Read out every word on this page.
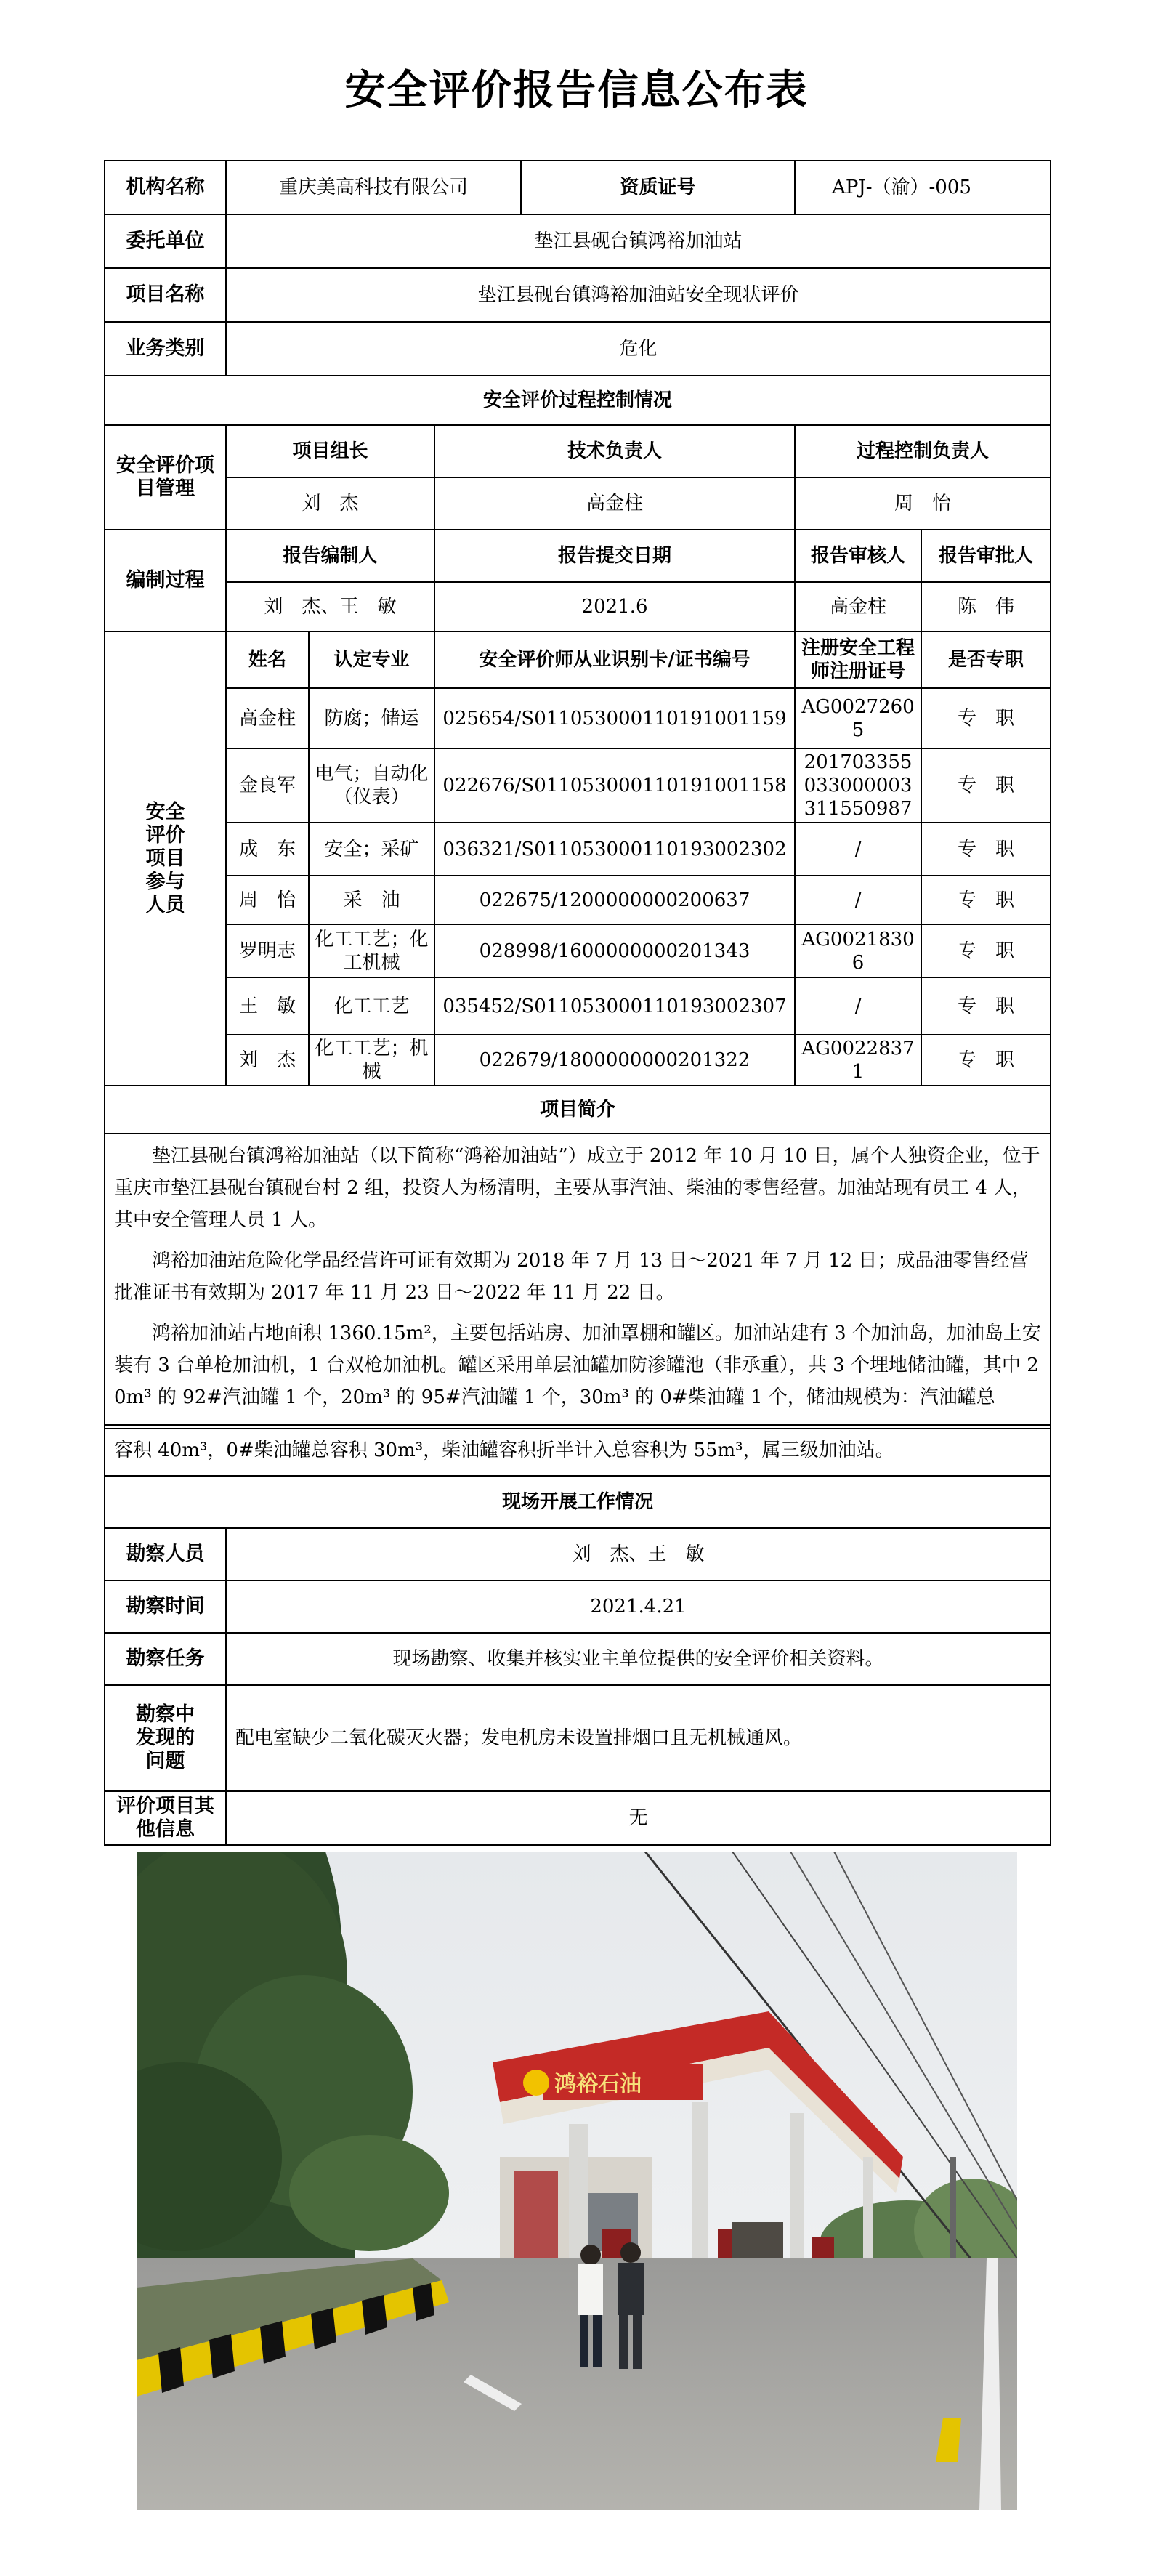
安全评价报告信息公布表
机构名称	重庆美高科技有限公司			资质证号	APJ-（渝）-005	
委托单位	垫江县砚台镇鸿裕加油站					
项目名称	垫江县砚台镇鸿裕加油站安全现状评价					
业务类别	危化					
安全评价过程控制情况						
安全评价项目管理	项目组长		技术负责人		过程控制负责人	
	刘　杰		高金柱		周　怡	
编制过程	报告编制人		报告提交日期		报告审核人	报告审批人
	刘　杰、王　敏		2021.6		高金柱	陈　伟
安全评价项目参与人员	姓名	认定专业	安全评价师从业识别卡/证书编号		注册安全工程师注册证号	是否专职
	高金柱	防腐；储运	025654/S011053000110191001159		AG00272605	专　职
	金良军	电气；自动化（仪表）	022676/S011053000110191001158		201703355033000003311550987	专　职
	成　东	安全；采矿	036321/S011053000110193002302		/	专　职
	周　怡	采　油	022675/1200000000200637		/	专　职
	罗明志	化工工艺；化工机械	028998/1600000000201343		AG00218306	专　职
	王　敏	化工工艺	035452/S011053000110193002307		/	专　职
	刘　杰	化工工艺；机械	022679/1800000000201322		AG00228371	专　职
项目简介						

垫江县砚台镇鸿裕加油站（以下简称“鸿裕加油站”）成立于 2012 年 10 月 10 日，属个人独资企业，位于重庆市垫江县砚台镇砚台村 2 组，投资人为杨清明，主要从事汽油、柴油的零售经营。加油站现有员工 4 人，其中安全管理人员 1 人。

鸿裕加油站危险化学品经营许可证有效期为 2018 年 7 月 13 日～2021 年 7 月 12 日；成品油零售经营批准证书有效期为 2017 年 11 月 23 日～2022 年 11 月 22 日。

鸿裕加油站占地面积 1360.15m²，主要包括站房、加油罩棚和罐区。加油站建有 3 个加油岛，加油岛上安装有 3 台单枪加油机，1 台双枪加油机。罐区采用单层油罐加防渗罐池（非承重），共 3 个埋地储油罐，其中 20m³ 的 92#汽油罐 1 个，20m³ 的 95#汽油罐 1 个，30m³ 的 0#柴油罐 1 个，储油规模为：汽油罐总						

容积 40m³，0#柴油罐总容积 30m³，柴油罐容积折半计入总容积为 55m³，属三级加油站。	
现场开展工作情况	
勘察人员	刘　杰、王　敏
勘察时间	2021.4.21
勘察任务	现场勘察、收集并核实业主单位提供的安全评价相关资料。
勘察中发现的问题	配电室缺少二氧化碳灭火器；发电机房未设置排烟口且无机械通风。
评价项目其他信息	无
鸿裕石油
